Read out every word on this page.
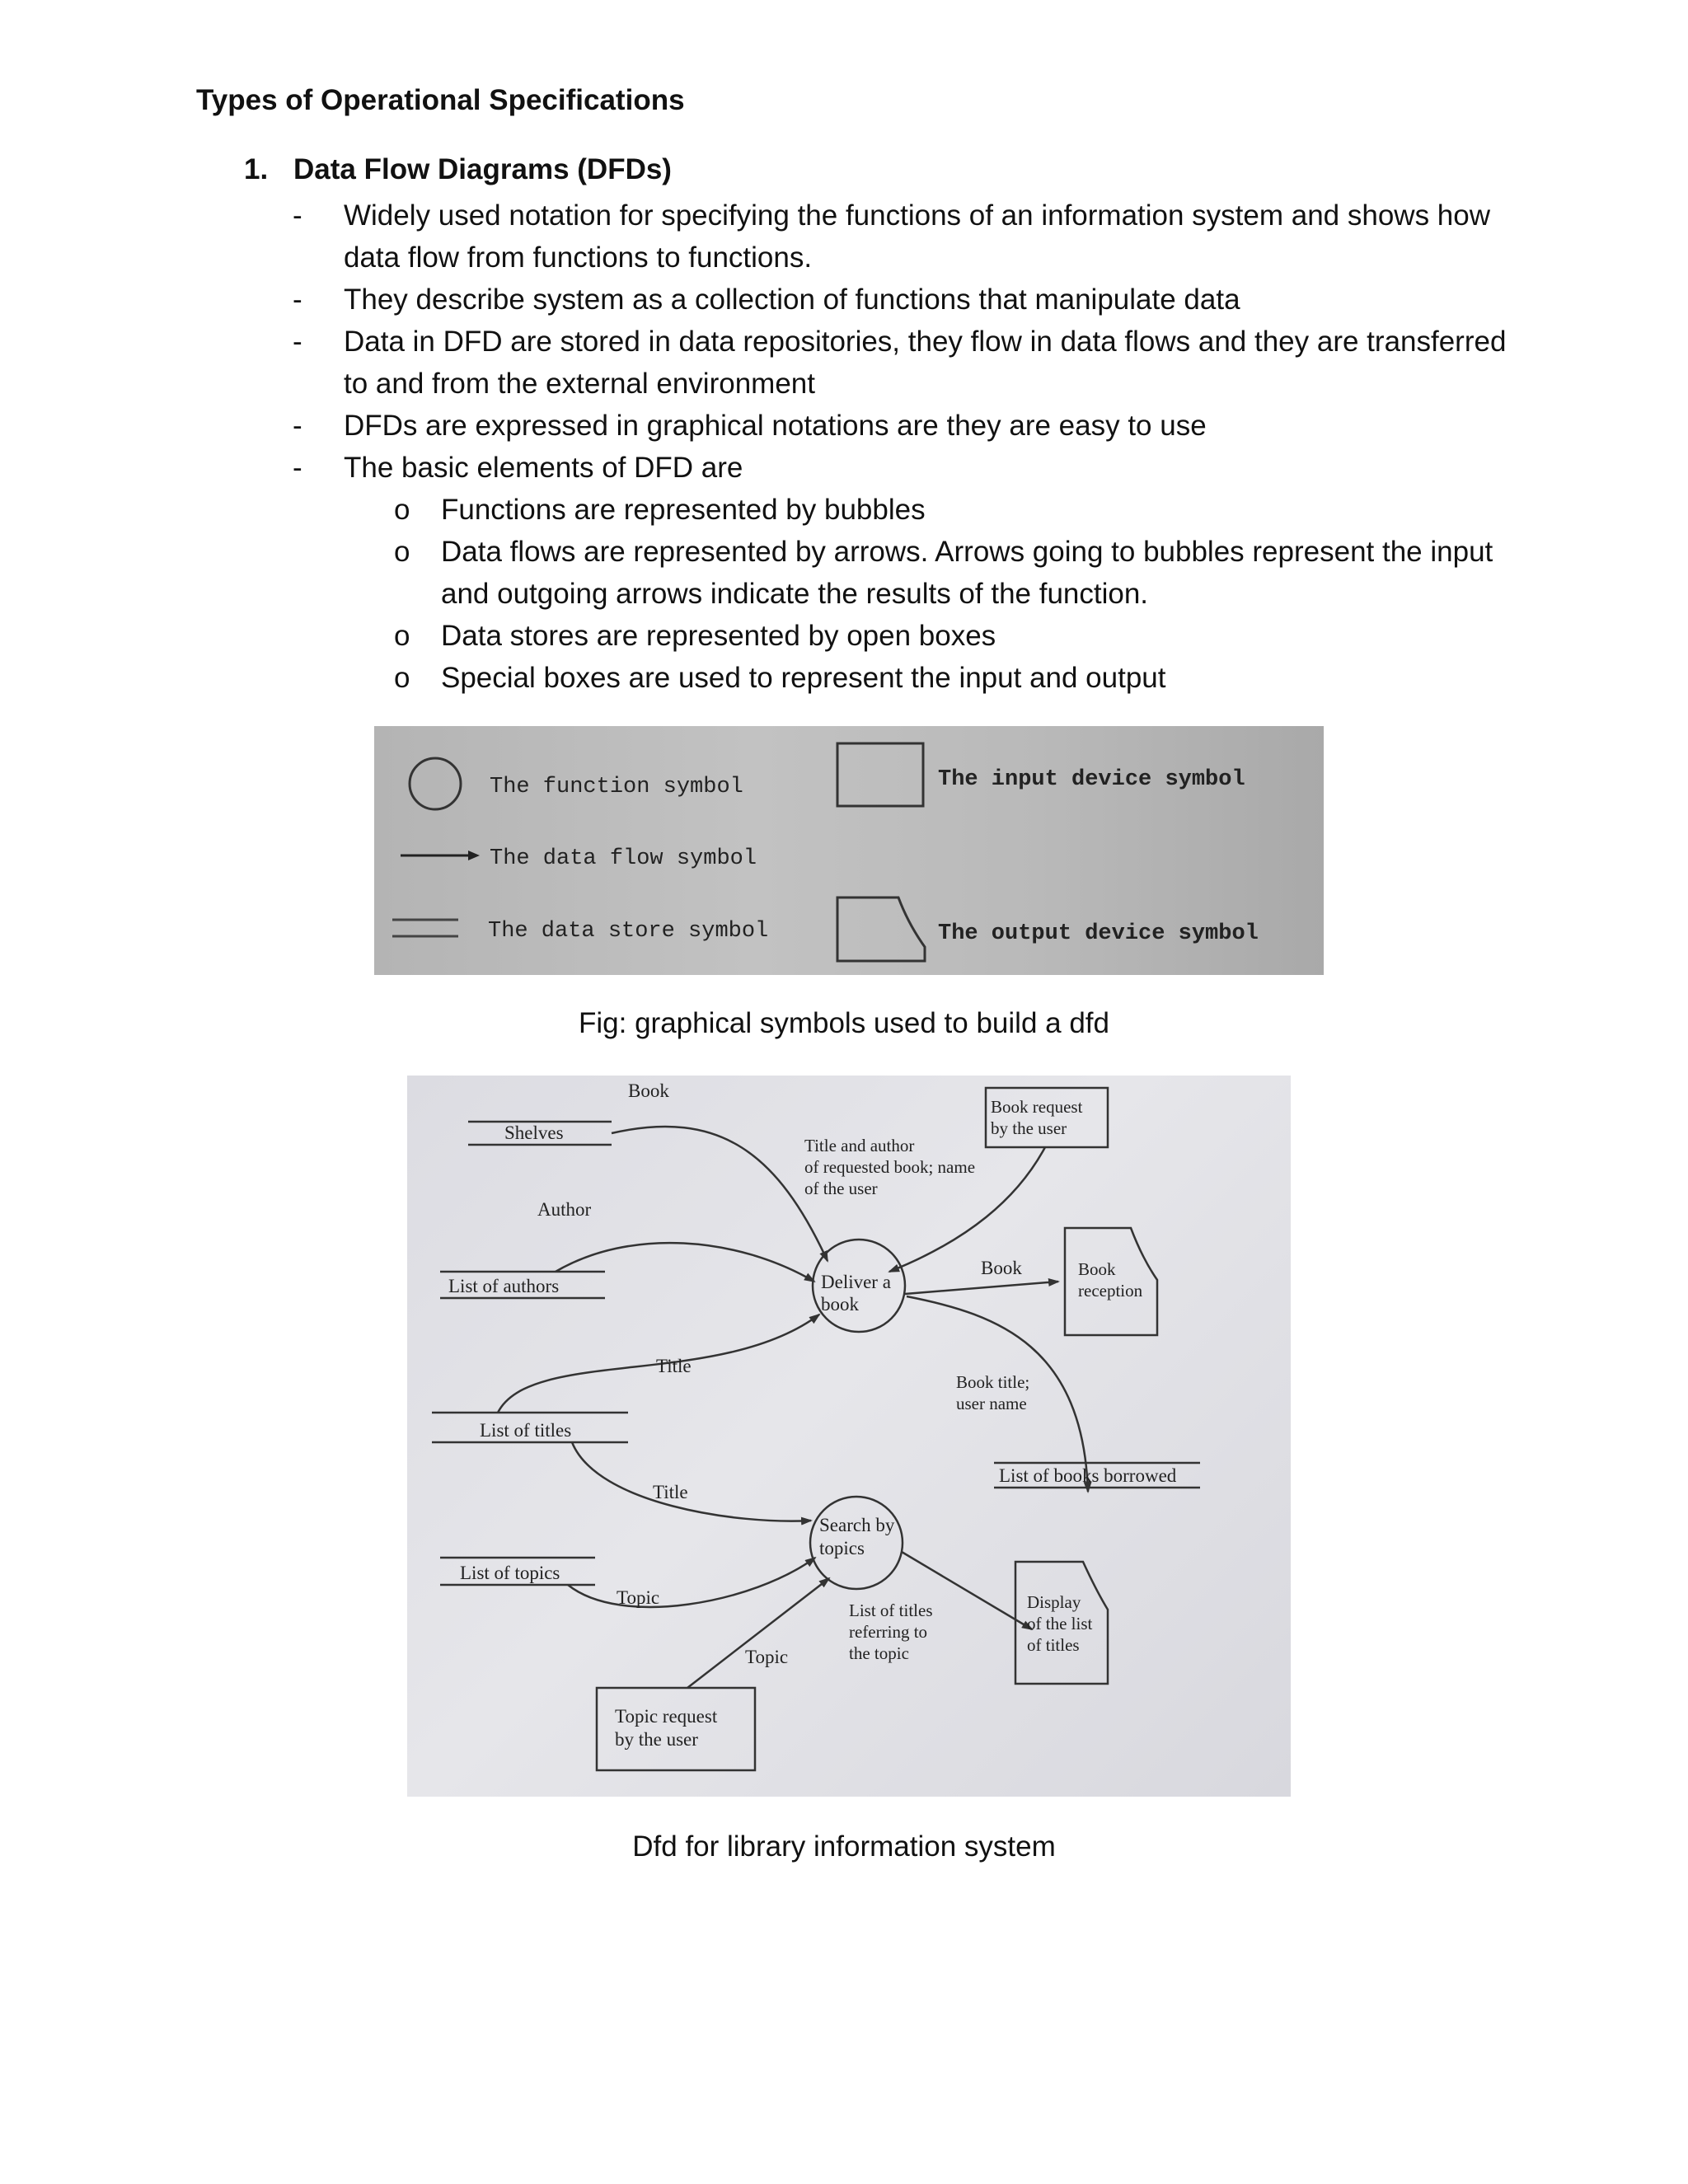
Types of Operational Specifications
1. Data Flow Diagrams (DFDs)
- Widely used notation for specifying the functions of an information system and shows how data flow from functions to functions.
- They describe system as a collection of functions that manipulate data
- Data in DFD are stored in data repositories, they flow in data flows and they are transferred to and from the external environment
- DFDs are expressed in graphical notations are they are easy to use
- The basic elements of DFD are
o Functions are represented by bubbles
o Data flows are represented by arrows. Arrows going to bubbles represent the input and outgoing arrows indicate the results of the function.
o Data stores are represented by open boxes
o Special boxes are used to represent the input and output
The function symbol
The data flow symbol
The data store symbol
The input device symbol
The output device symbol
Fig: graphical symbols used to build a dfd
Shelves
List of authors
List of titles
List of topics
List of books borrowed
Deliver a
book
Search by
topics
Book request
by the user
Topic request
by the user
Book
reception
Display
of the list
of titles
Book
Title and author
of requested book; name
of the user
Author
Book
Title
Book title;
user name
Title
Topic
Topic
List of titles
referring to
the topic
Dfd for library information system
